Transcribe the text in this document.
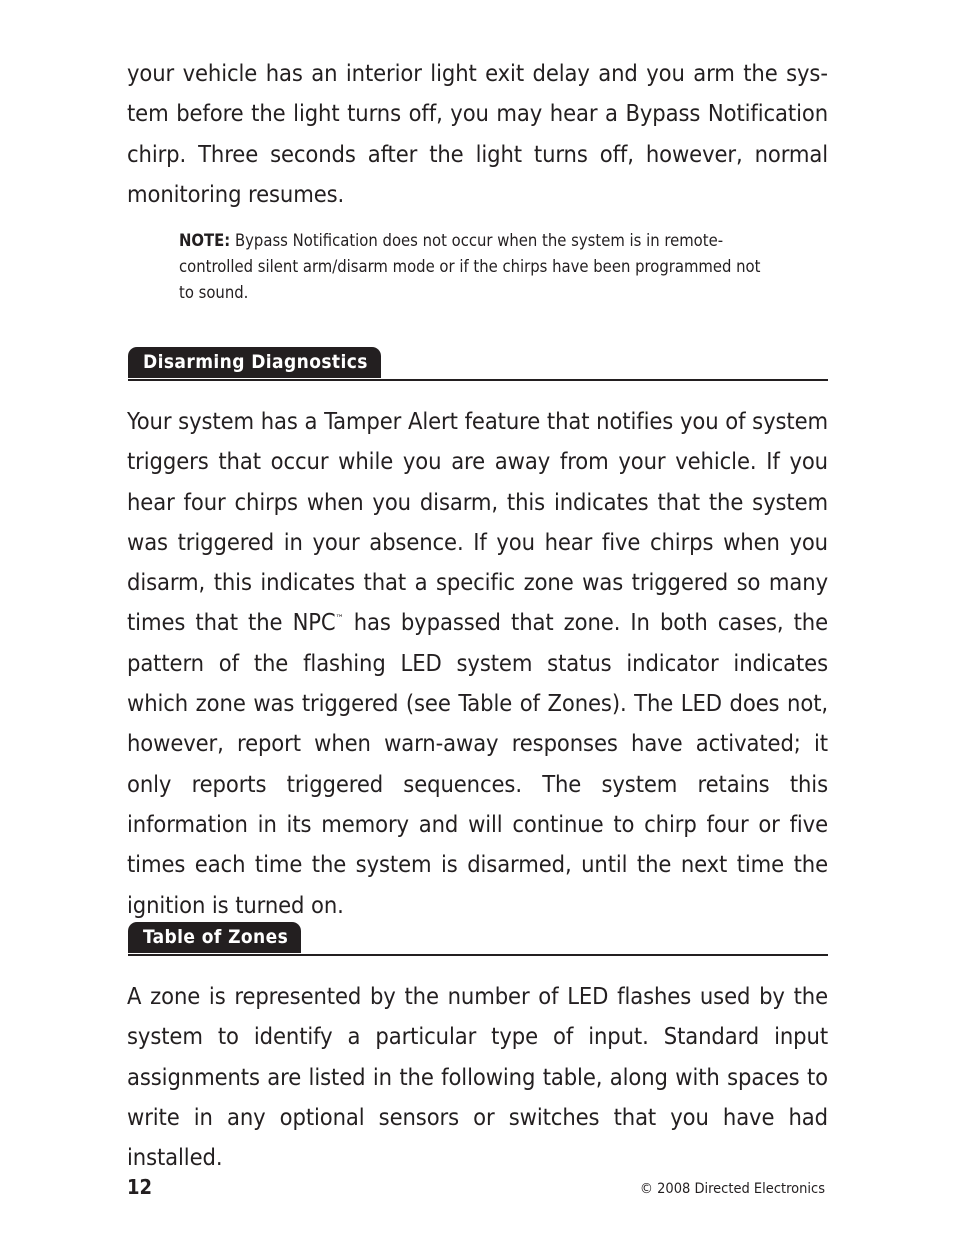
your vehicle has an interior light exit delay and you arm the system before the light turns off, you may hear a Bypass Notification chirp. Three seconds after the light turns off, however, normal monitoring resumes.

NOTE: Bypass Notification does not occur when the system is in remote-controlled silent arm/disarm mode or if the chirps have been programmed not to sound.

Disarming Diagnostics

Your system has a Tamper Alert feature that notifies you of system triggers that occur while you are away from your vehicle. If you hear four chirps when you disarm, this indicates that the system was triggered in your absence. If you hear five chirps when you disarm, this indicates that a specific zone was triggered so many times that the NPC™ has bypassed that zone. In both cases, the pattern of the flashing LED system status indicator indicates which zone was triggered (see Table of Zones). The LED does not, however, report when warn-away responses have activated; it only reports triggered sequences. The system retains this information in its memory and will continue to chirp four or five times each time the system is disarmed, until the next time the ignition is turned on.

Table of Zones

A zone is represented by the number of LED flashes used by the system to identify a particular type of input. Standard input assignments are listed in the following table, along with spaces to write in any optional sensors or switches that you have had installed.

12	© 2008 Directed Electronics
